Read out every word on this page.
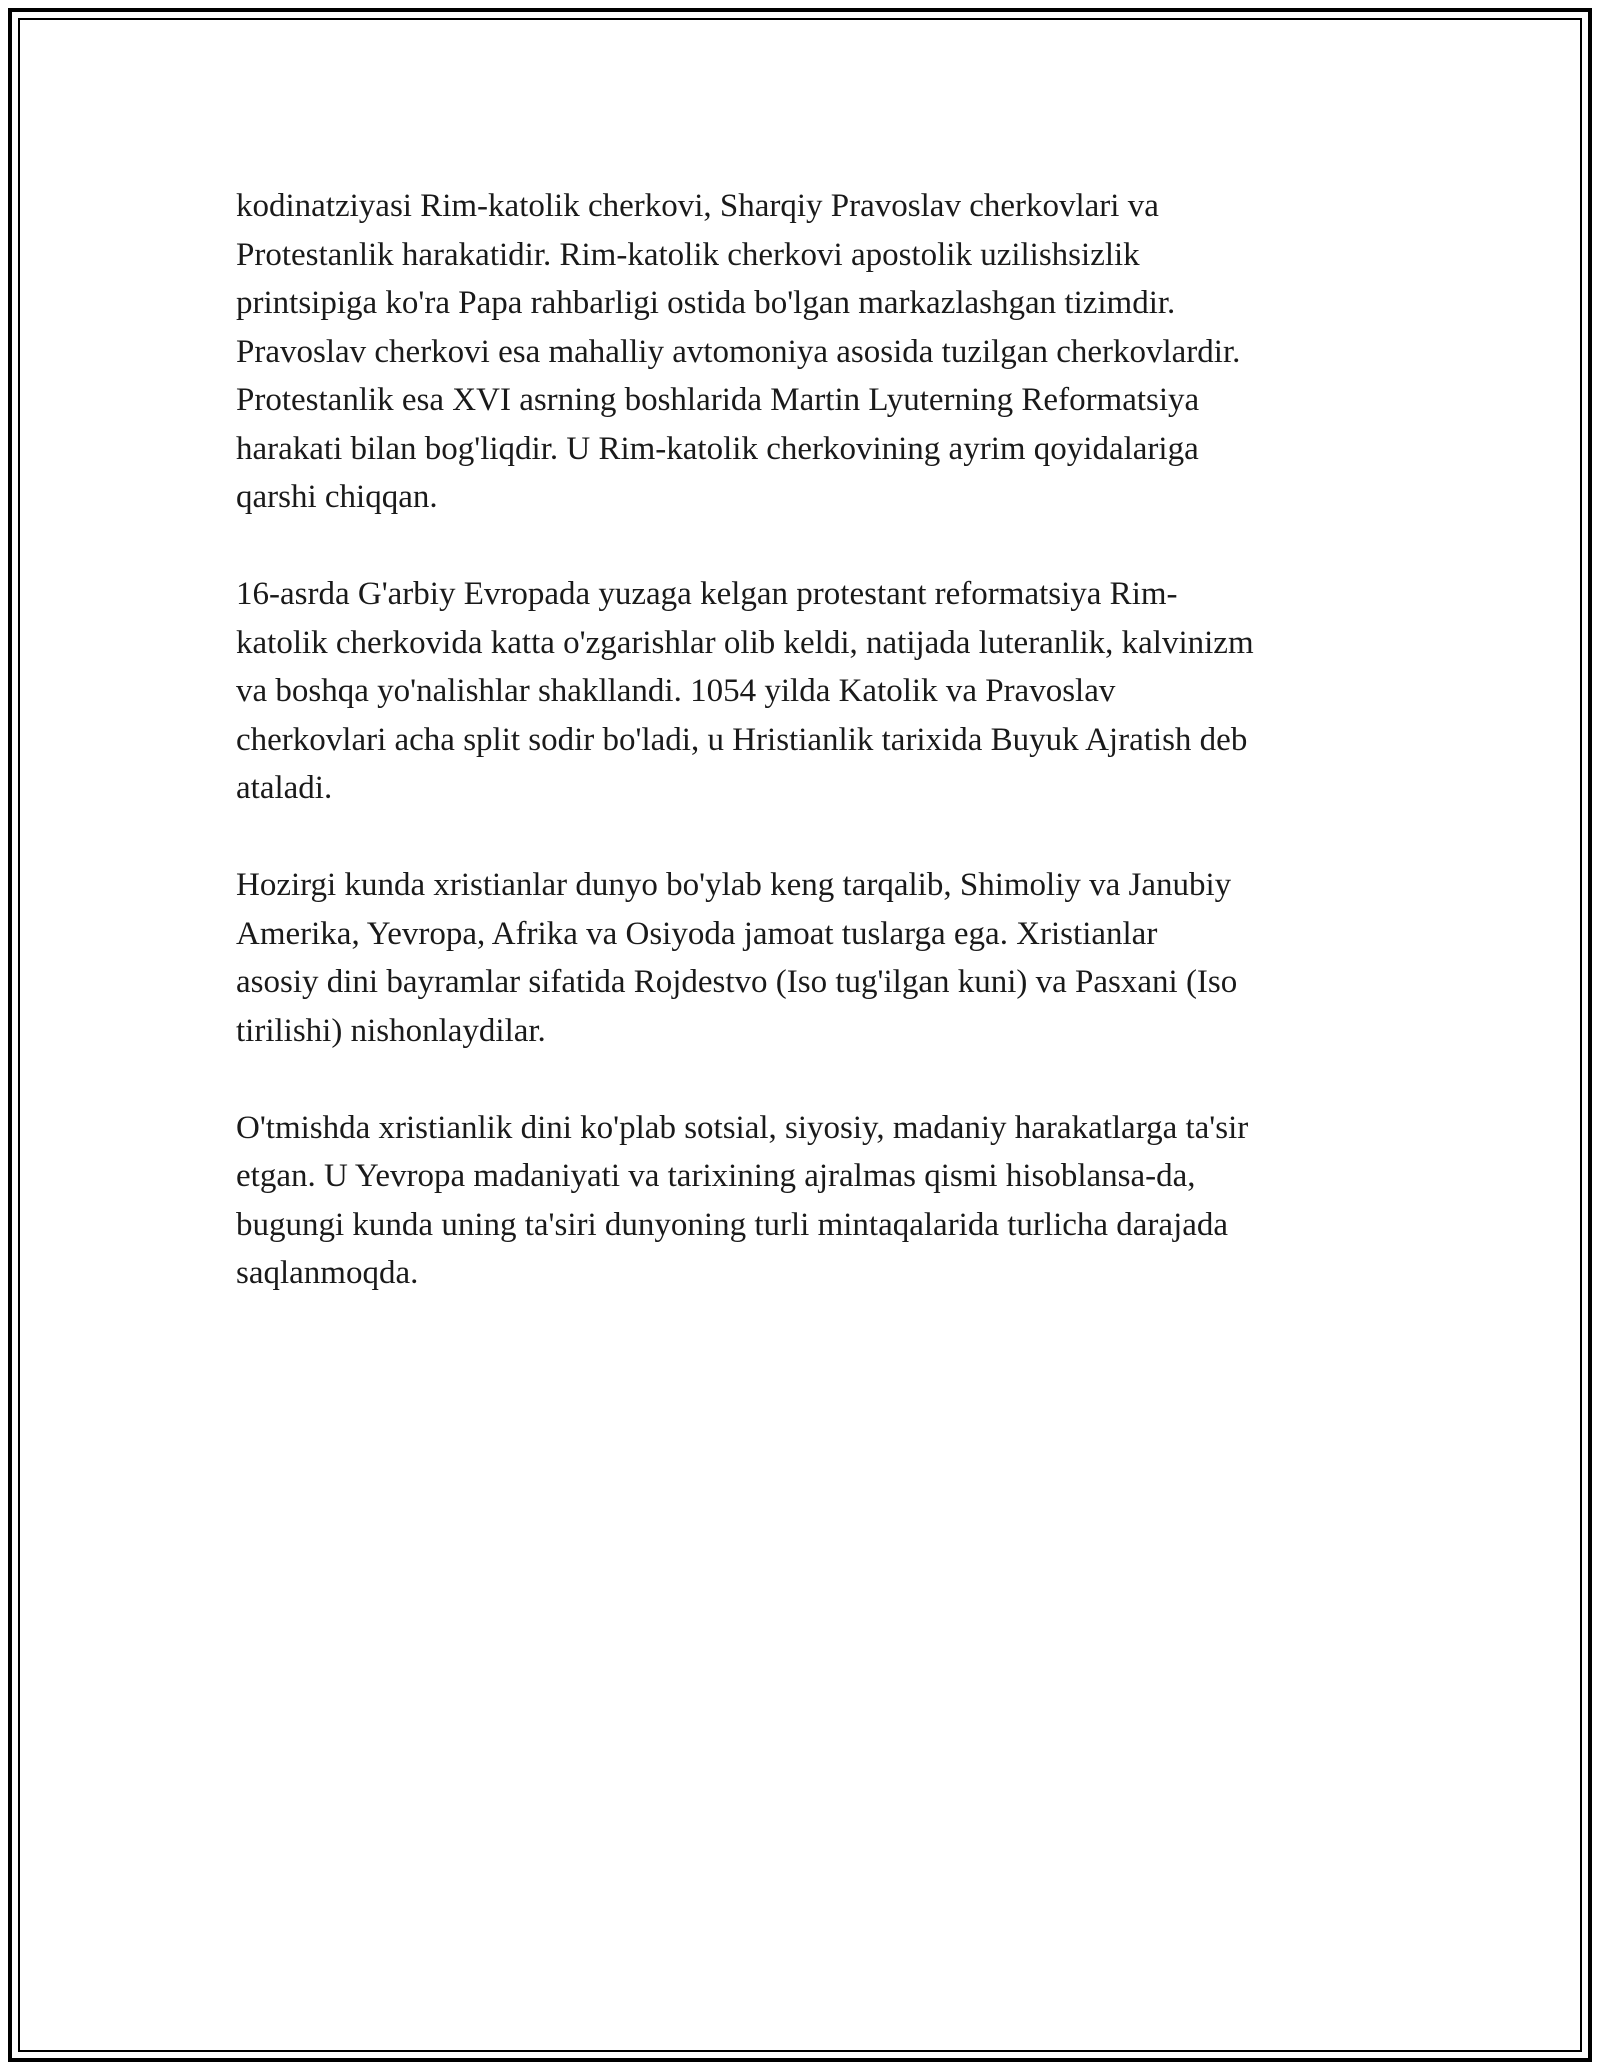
kodinatziyasi Rim-katolik cherkovi, Sharqiy Pravoslav cherkovlari va
Protestanlik harakatidir. Rim-katolik cherkovi apostolik uzilishsizlik
printsipiga ko'ra Papa rahbarligi ostida bo'lgan markazlashgan tizimdir.
Pravoslav cherkovi esa mahalliy avtomoniya asosida tuzilgan cherkovlardir.
Protestanlik esa XVI asrning boshlarida Martin Lyuterning Reformatsiya
harakati bilan bog'liqdir. U Rim-katolik cherkovining ayrim qoyidalariga
qarshi chiqqan.

16-asrda G'arbiy Evropada yuzaga kelgan protestant reformatsiya Rim-
katolik cherkovida katta o'zgarishlar olib keldi, natijada luteranlik, kalvinizm
va boshqa yo'nalishlar shakllandi. 1054 yilda Katolik va Pravoslav
cherkovlari acha split sodir bo'ladi, u Hristianlik tarixida Buyuk Ajratish deb
ataladi.

Hozirgi kunda xristianlar dunyo bo'ylab keng tarqalib, Shimoliy va Janubiy
Amerika, Yevropa, Afrika va Osiyoda jamoat tuslarga ega. Xristianlar
asosiy dini bayramlar sifatida Rojdestvo (Iso tug'ilgan kuni) va Pasxani (Iso
tirilishi) nishonlaydilar.

O'tmishda xristianlik dini ko'plab sotsial, siyosiy, madaniy harakatlarga ta'sir
etgan. U Yevropa madaniyati va tarixining ajralmas qismi hisoblansa-da,
bugungi kunda uning ta'siri dunyoning turli mintaqalarida turlicha darajada
saqlanmoqda.
